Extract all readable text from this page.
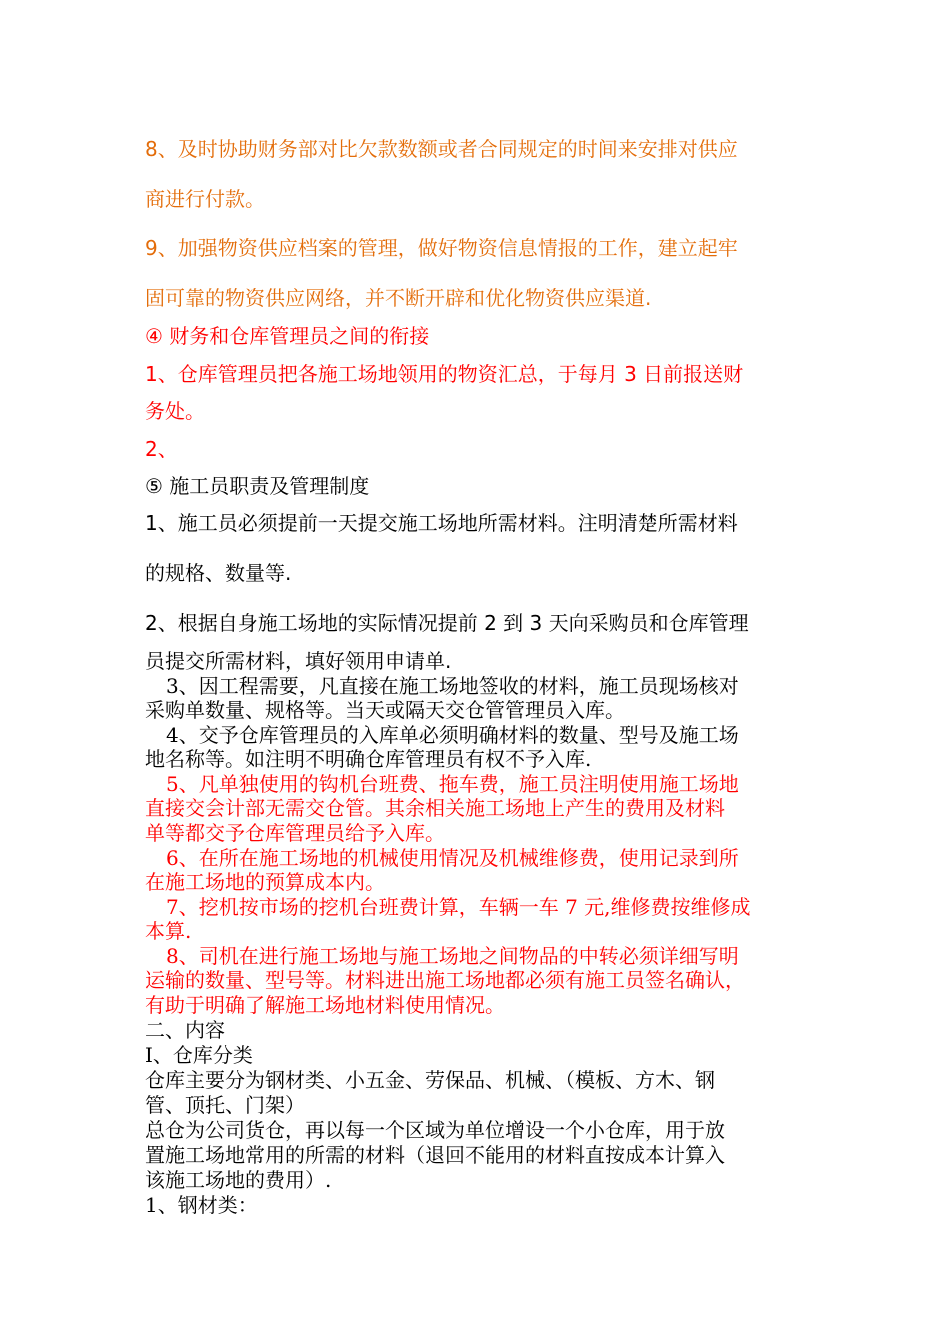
8、及时协助财务部对比欠款数额或者合同规定的时间来安排对供应
商进行付款。
9、加强物资供应档案的管理，做好物资信息情报的工作，建立起牢
固可靠的物资供应网络，并不断开辟和优化物资供应渠道.
④ 财务和仓库管理员之间的衔接
1、仓库管理员把各施工场地领用的物资汇总，于每月 3 日前报送财
务处。
2、
⑤ 施工员职责及管理制度
1、施工员必须提前一天提交施工场地所需材料。注明清楚所需材料
的规格、数量等.
2、根据自身施工场地的实际情况提前 2 到 3 天向采购员和仓库管理
员提交所需材料，填好领用申请单.
3、因工程需要，凡直接在施工场地签收的材料，施工员现场核对
采购单数量、规格等。当天或隔天交仓管管理员入库。
4、交予仓库管理员的入库单必须明确材料的数量、型号及施工场
地名称等。如注明不明确仓库管理员有权不予入库.
5、凡单独使用的钩机台班费、拖车费，施工员注明使用施工场地
直接交会计部无需交仓管。其余相关施工场地上产生的费用及材料
单等都交予仓库管理员给予入库。
6、在所在施工场地的机械使用情况及机械维修费，使用记录到所
在施工场地的预算成本内。
7、挖机按市场的挖机台班费计算，车辆一车 7 元,维修费按维修成
本算.
8、司机在进行施工场地与施工场地之间物品的中转必须详细写明
运输的数量、型号等。材料进出施工场地都必须有施工员签名确认，
有助于明确了解施工场地材料使用情况。
二、内容
Ⅰ、仓库分类
仓库主要分为钢材类、小五金、劳保品、机械、（模板、方木、钢
管、顶托、门架）
总仓为公司货仓，再以每一个区域为单位增设一个小仓库，用于放
置施工场地常用的所需的材料（退回不能用的材料直按成本计算入
该施工场地的费用）.
1、钢材类：
